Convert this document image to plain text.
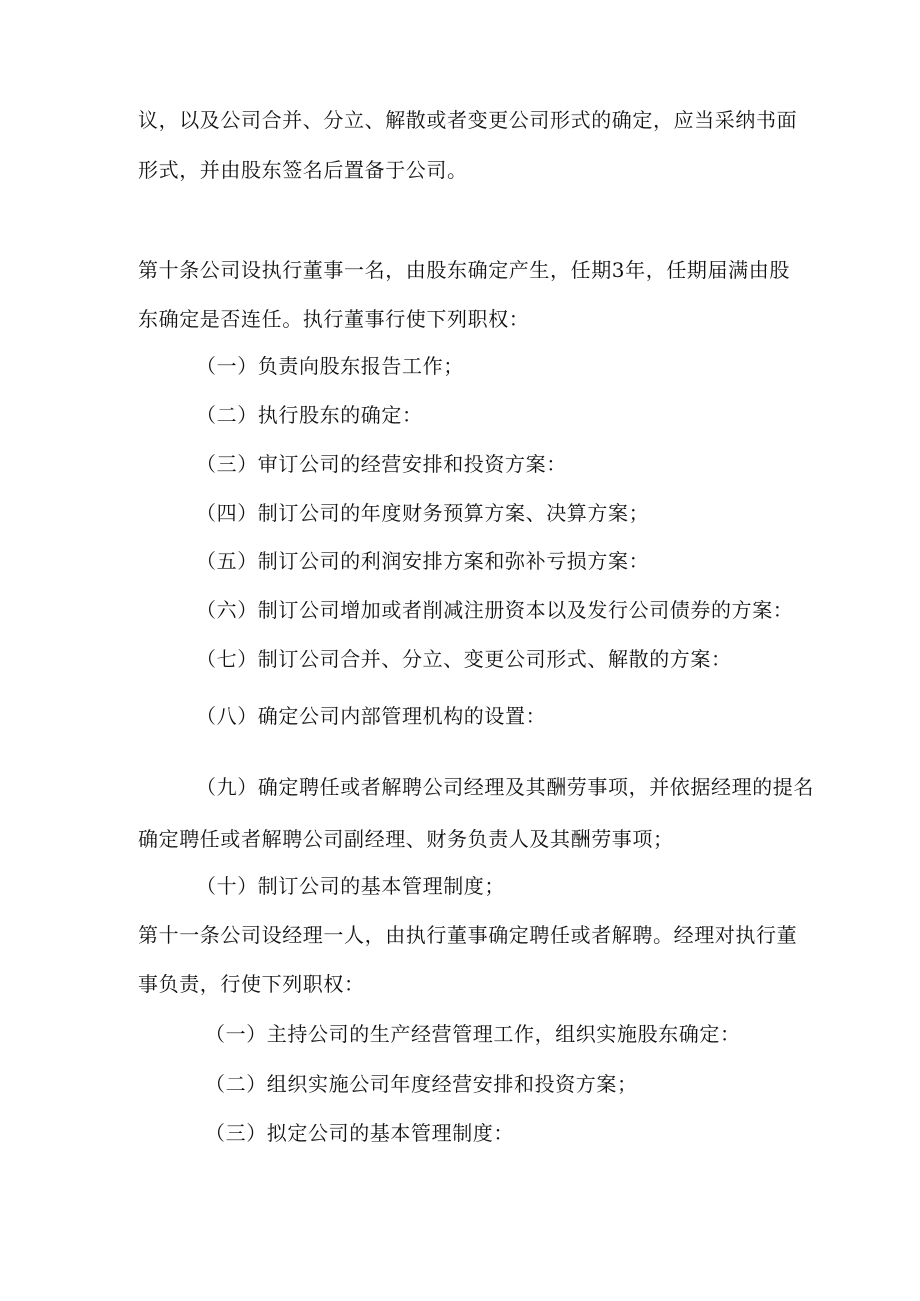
议，以及公司合并、分立、解散或者变更公司形式的确定，应当采纳书面
形式，并由股东签名后置备于公司。
第十条公司设执行董事一名，由股东确定产生，任期3年，任期届满由股
东确定是否连任。执行董事行使下列职权：
（一）负责向股东报告工作；
（二）执行股东的确定：
（三）审订公司的经营安排和投资方案：
（四）制订公司的年度财务预算方案、决算方案；
（五）制订公司的利润安排方案和弥补亏损方案：
（六）制订公司增加或者削减注册资本以及发行公司债券的方案：
（七）制订公司合并、分立、变更公司形式、解散的方案：
（八）确定公司内部管理机构的设置：
（九）确定聘任或者解聘公司经理及其酬劳事项，并依据经理的提名
确定聘任或者解聘公司副经理、财务负责人及其酬劳事项；
（十）制订公司的基本管理制度；
第十一条公司设经理一人，由执行董事确定聘任或者解聘。经理对执行董
事负责，行使下列职权：
（一）主持公司的生产经营管理工作，组织实施股东确定：
（二）组织实施公司年度经营安排和投资方案；
（三）拟定公司的基本管理制度：
